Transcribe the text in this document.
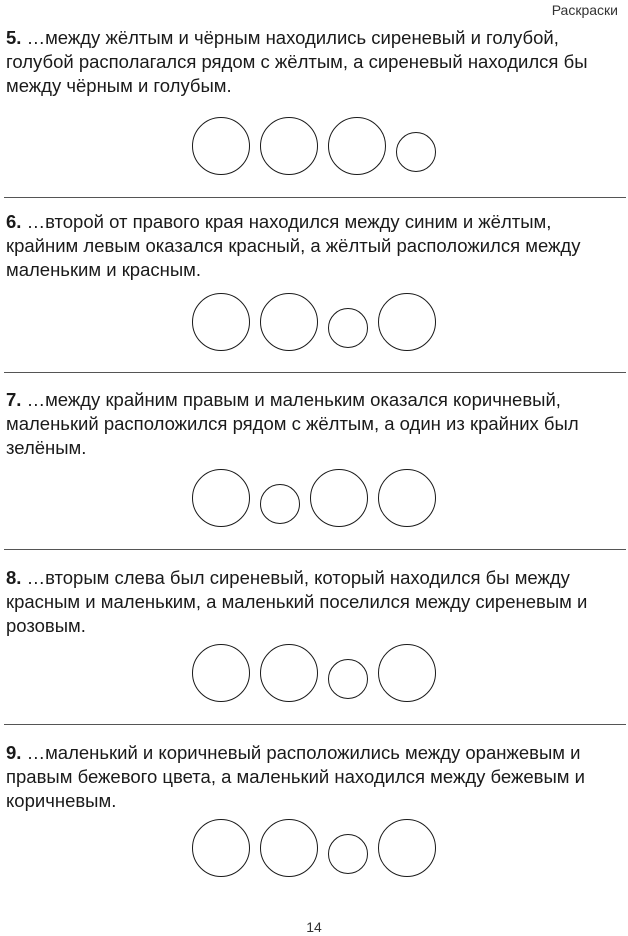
Раскраски

5. …между жёлтым и чёрным находились сиреневый и голубой, голубой располагался рядом с жёлтым, а сиреневый находился бы между чёрным и голубым.

6. …второй от правого края находился между синим и жёлтым, крайним левым оказался красный, а жёлтый расположился между маленьким и красным.

7. …между крайним правым и маленьким оказался коричневый, маленький расположился рядом с жёлтым, а один из крайних был зелёным.

8. …вторым слева был сиреневый, который находился бы между красным и маленьким, а маленький поселился между сиреневым и розовым.

9. …маленький и коричневый расположились между оранжевым и правым бежевого цвета, а маленький находился между бежевым и коричневым.

14
